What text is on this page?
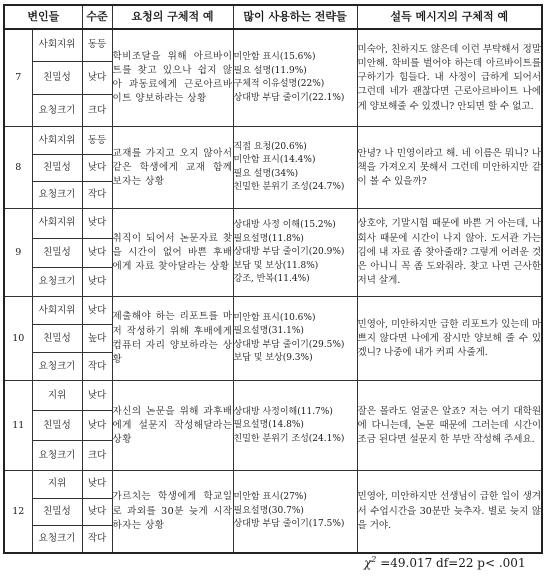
변인들		수준	요청의 구체적 예	많이 사용하는 전략들	설득 메시지의 구체적 예
7	사회지위	동등	학비조달을 위해 아르바이트를 찾고 있으나 쉽지 않아 과동료에게 근로아르바이트 양보하라는 상황	미안함 표시(15.6%)
필요 설명(11.9%)
구체적 이유설명(22%)
상대방 부담 줄이기(22.1%)	미숙아, 친하지도 않은데 이런 부탁해서 정말 미안해. 학비를 벌어야 하는데 아르바이트를 구하기가 힘들다. 내 사정이 급하게 되어서 그런데 네가 괜찮다면 근로아르바이트 나에게 양보해줄 수 있겠니? 안되면 할 수 없고.

	친밀성	낮다			
	요청크기	크다			
8	사회지위	동등	교재를 가지고 오지 않아서 같은 학생에게 교재 함께 보자는 상황	직접 요청(20.6%)
미안함 표시(14.4%)
필요 설명(34%)
친밀한 분위기 조성(24.7%)	안녕? 나 민영이라고 해. 네 이름은 뭐니? 나 책을 가져오지 못해서 그런데 미안하지만 같이 볼 수 있을까?

	친밀성	낮다			
	요청크기	작다			
9	사회지위	낮다	취직이 되어서 논문자료 찾을 시간이 없어 바쁜 후배에게 자료 찾아달라는 상황	상대방 사정 이해(15.2%)
필요설명(11.8%)
상대방 부담 줄이기(20.9%)
보답 및 보상(11.8%)
강조, 반복(11.4%)	상호야, 기말시험 때문에 바쁜 거 아는데, 나 회사 때문에 시간이 나지 않아. 도서관 가는 김에 내 자료 좀 찾아줄래? 그렇게 어려운 것은 아니니 꼭 좀 도와줘라. 찾고 나면 근사한 저녁 살게.

	친밀성	낮다			
	요청크기	낮다			
10	사회지위	낮다	제출해야 하는 리포트를 마저 작성하기 위해 후배에게 컴퓨터 자리 양보하라는 상황	미안함 표시(10.6%)
필요설명(31.1%)
상대방 부담 줄이기(29.5%)
보답 및 보상(9.3%)	민영아, 미안하지만 급한 리포트가 있는데 마쁘지 않다면 나에게 잠시만 양보해 줄 수 있겠니? 나중에 내가 커피 사줄게.

	친밀성	높다			
	요청크기	작다			
11	지위	낮다	자신의 논문을 위해 과후배에게 설문지 작성해달라는 상황	상대방 사정이해(11.7%)
필요설명(14.8%)
친밀한 분위기 조성(24.1%)	잘은 몰라도 얼굴은 알죠? 저는 여기 대학원에 다니는데, 논문 때문에 그러는데 시간이 조금 된다면 설문지 한 부만 작성해 주세요.

	친밀성	낮다			
	요청크기	크다			
12	지위	낮다	가르치는 학생에게 학교일로 과외를 30분 늦게 시작하자는 상황	미안함 표시(27%)
필요설명(30.7%)
상대방 부담 줄이기(17.5%)	민영아, 미안하지만 선생님이 급한 일이 생겨서 수업시간을 30분만 늦추자. 별로 늦지 않을 거야.

	친밀성	낮다			
	요청크기	작다			
$\chi^2 =49.017$ df=22 p< .001
